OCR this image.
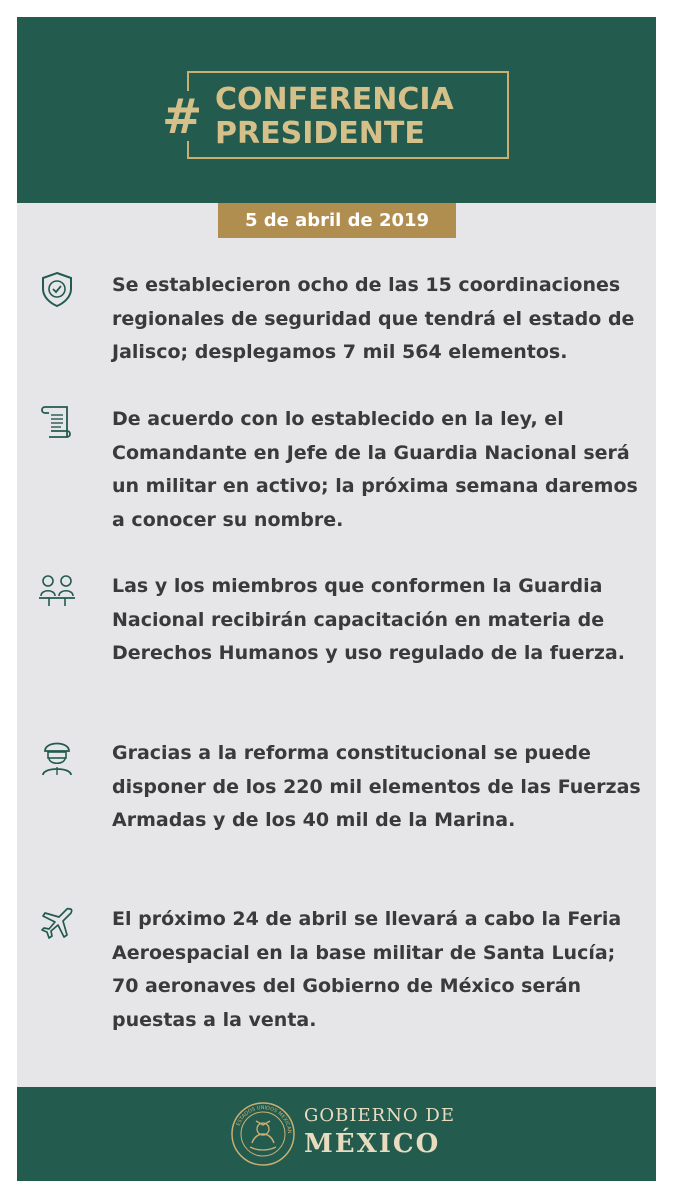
# CONFERENCIA
PRESIDENTE
5 de abril de 2019
Se establecieron ocho de las 15 coordinaciones regionales de seguridad que tendrá el estado de Jalisco; desplegamos 7 mil 564 elementos.
De acuerdo con lo establecido en la ley, el Comandante en Jefe de la Guardia Nacional será un militar en activo; la próxima semana daremos a conocer su nombre.
Las y los miembros que conformen la Guardia Nacional recibirán capacitación en materia de Derechos Humanos y uso regulado de la fuerza.
Gracias a la reforma constitucional se puede disponer de los 220 mil elementos de las Fuerzas Armadas y de los 40 mil de la Marina.
El próximo 24 de abril se llevará a cabo la Feria Aeroespacial en la base militar de Santa Lucía; 70 aeronaves del Gobierno de México serán puestas a la venta.
ESTADOS UNIDOS MEXICAN
GOBIERNO DE
MÉXICO
